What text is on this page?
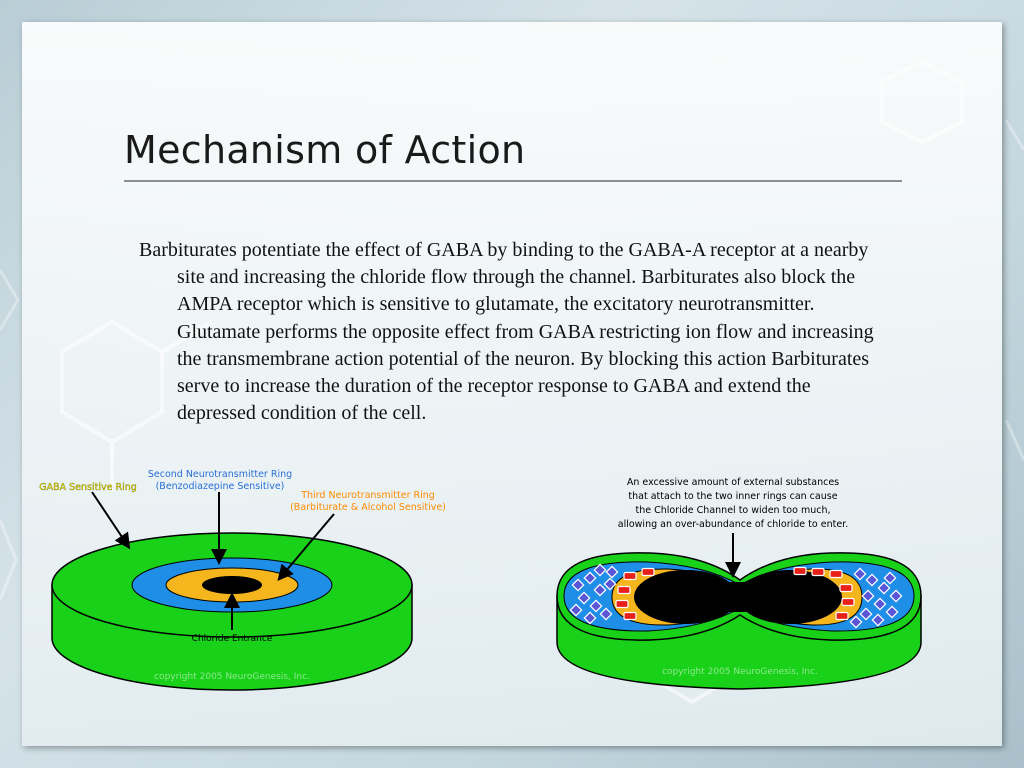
Mechanism of Action

Barbiturates potentiate the effect of GABA by binding to the GABA-A receptor at a nearby site and increasing the chloride flow through the channel. Barbiturates also block the AMPA receptor which is sensitive to glutamate, the excitatory neurotransmitter. Glutamate performs the opposite effect from GABA restricting ion flow and increasing the transmembrane action potential of the neuron. By blocking this action Barbiturates serve to increase the duration of the receptor response to GABA and extend the depressed condition of the cell.

GABA Sensitive Ring
Second Neurotransmitter Ring
(Benzodiazepine Sensitive)
Third Neurotransmitter Ring
(Barbiturate & Alcohol Sensitive)
Chloride Entrance
copyright 2005 NeuroGenesis, Inc.
An excessive amount of external substances
that attach to the two inner rings can cause
the Chloride Channel to widen too much,
allowing an over-abundance of chloride to enter.
copyright 2005 NeuroGenesis, Inc.
